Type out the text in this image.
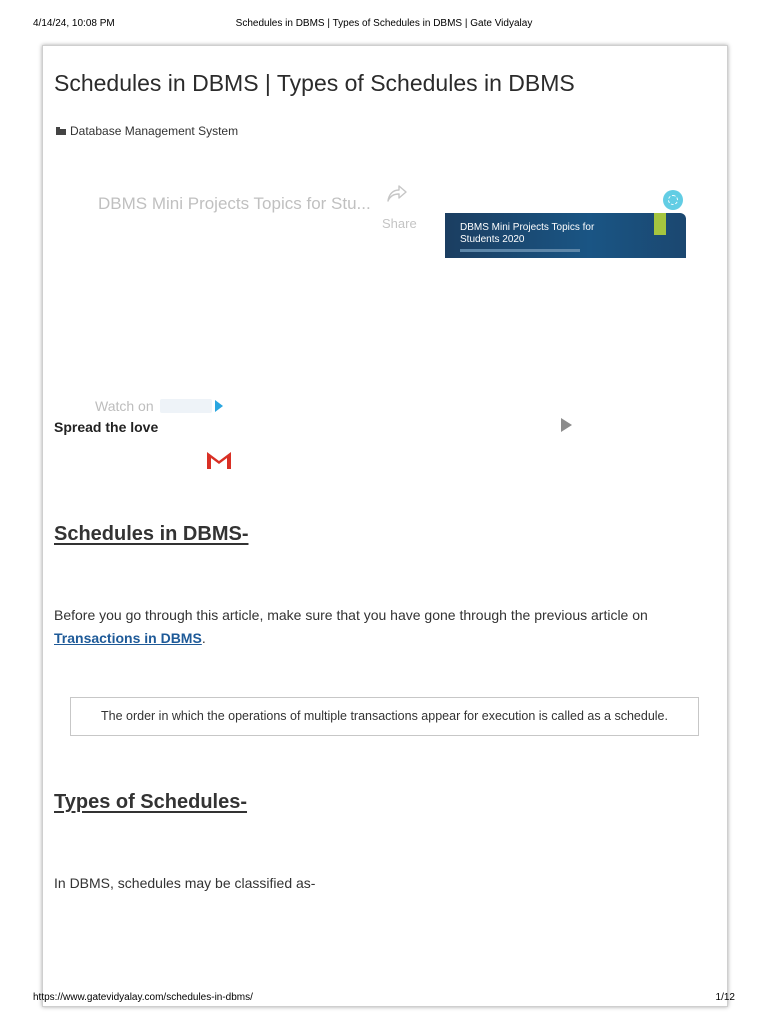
4/14/24, 10:08 PM	Schedules in DBMS | Types of Schedules in DBMS | Gate Vidyalay
Schedules in DBMS | Types of Schedules in DBMS
Database Management System
DBMS Mini Projects Topics for Stu...
Share	DBMS Mini Projects Topics for Students 2020
Watch on
Spread the love
Schedules in DBMS-
Before you go through this article, make sure that you have gone through the previous article on
Transactions in DBMS.
The order in which the operations of multiple transactions appear for execution is called as a schedule.
Types of Schedules-
In DBMS, schedules may be classified as-
https://www.gatevidyalay.com/schedules-in-dbms/	1/12
